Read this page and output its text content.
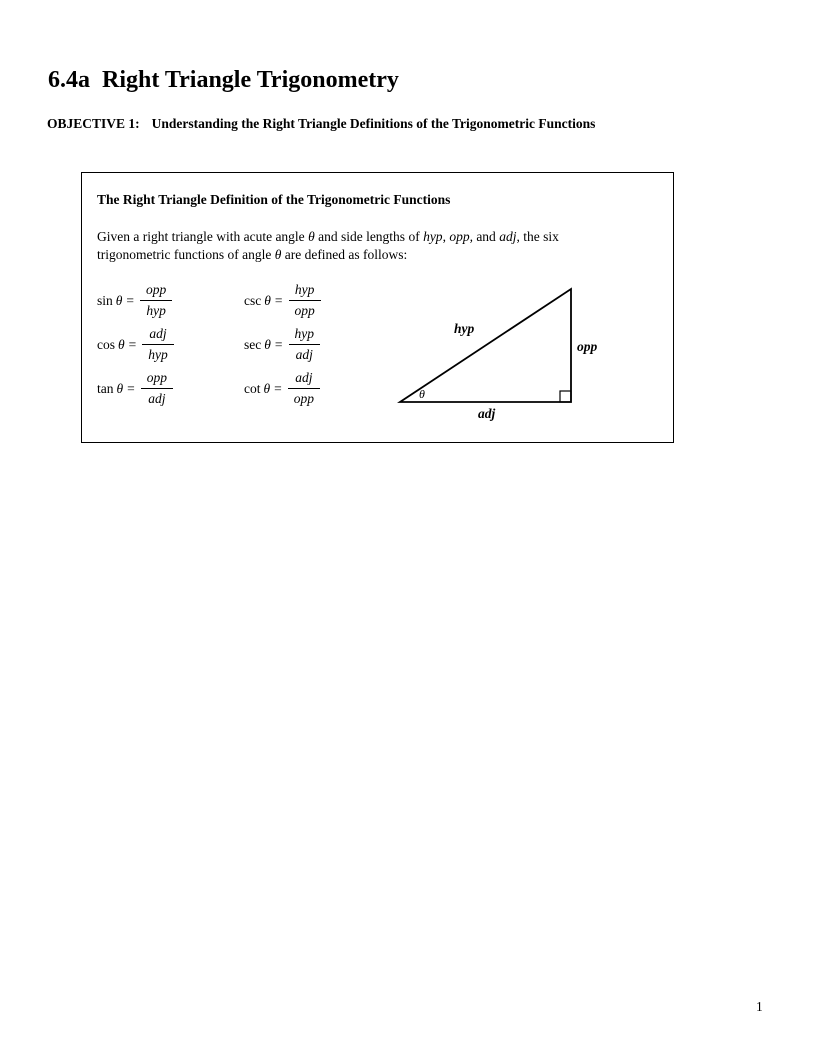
6.4a  Right Triangle Trigonometry
OBJECTIVE 1: Understanding the Right Triangle Definitions of the Trigonometric Functions
The Right Triangle Definition of the Trigonometric Functions
Given a right triangle with acute angle θ and side lengths of hyp, opp, and adj, the six
trigonometric functions of angle θ are defined as follows:
$\sin \theta = \frac{\text{opp}}{\text{hyp}}$	$\csc \theta = \frac{\text{hyp}}{\text{opp}}$
$\cos \theta = \frac{\text{adj}}{\text{hyp}}$	$\sec \theta = \frac{\text{hyp}}{\text{adj}}$
$\tan \theta = \frac{\text{opp}}{\text{adj}}$	$\cot \theta = \frac{\text{adj}}{\text{opp}}$
hyp
opp
adj
θ
1
